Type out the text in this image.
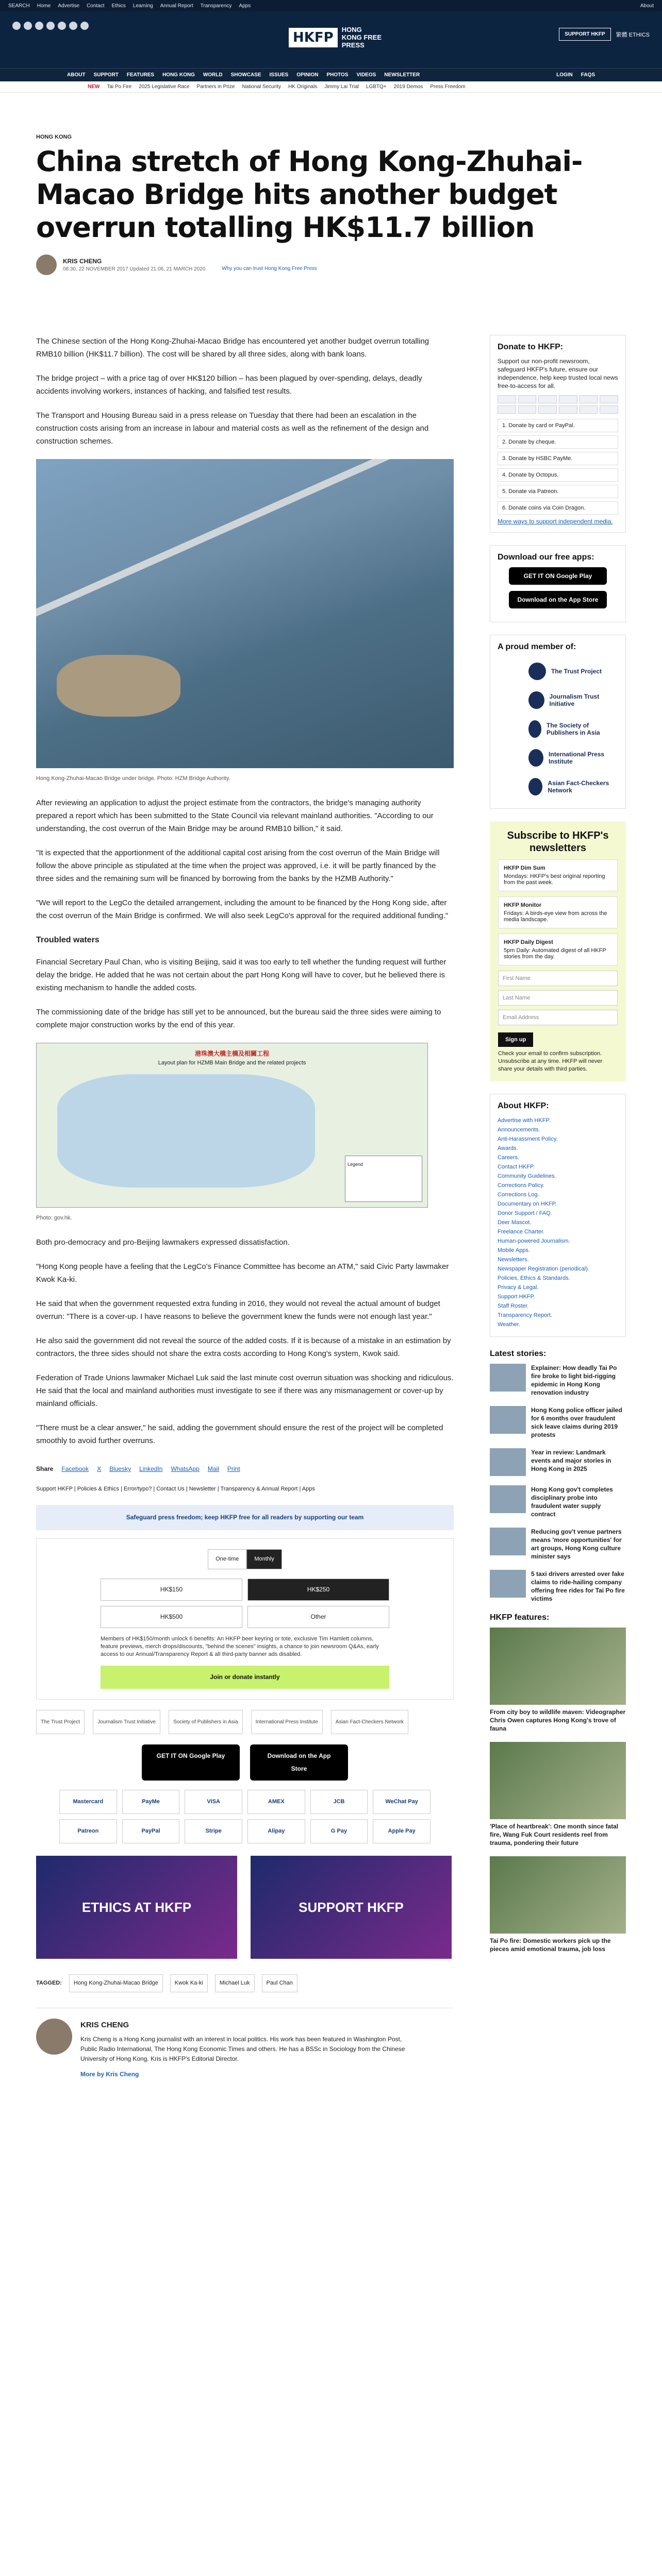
SEARCH Home Advertise Contact Ethics Learning Annual Report Transparency Apps	About
HKFP	HONG KONG FREE PRESS
SUPPORT HKFP	繁體 ETHICS
ABOUT SUPPORT FEATURES HONG KONG WORLD SHOWCASE ISSUES OPINION PHOTOS VIDEOS NEWSLETTER	LOGIN FAQS
NEW Tai Po Fire 2025 Legislative Race Partners in Prize National Security HK Originals Jimmy Lai Trial LGBTQ+ 2019 Demos Press Freedom
HONG KONG
China stretch of Hong Kong-Zhuhai-Macao Bridge hits another budget overrun totalling HK$11.7 billion
KRIS CHENG
08:30, 22 NOVEMBER 2017 Updated 21:06, 21 MARCH 2020	Why you can trust Hong Kong Free Press

The Chinese section of the Hong Kong-Zhuhai-Macao Bridge has encountered yet another budget overrun totalling RMB10 billion (HK$11.7 billion). The cost will be shared by all three sides, along with bank loans.

The bridge project – with a price tag of over HK$120 billion – has been plagued by over-spending, delays, deadly accidents involving workers, instances of hacking, and falsified test results.

The Transport and Housing Bureau said in a press release on Tuesday that there had been an escalation in the construction costs arising from an increase in labour and material costs as well as the refinement of the design and construction schemes.

Hong Kong-Zhuhai-Macao Bridge under bridge. Photo: HZM Bridge Authority.

After reviewing an application to adjust the project estimate from the contractors, the bridge's managing authority prepared a report which has been submitted to the State Council via relevant mainland authorities. "According to our understanding, the cost overrun of the Main Bridge may be around RMB10 billion," it said.

"It is expected that the apportionment of the additional capital cost arising from the cost overrun of the Main Bridge will follow the above principle as stipulated at the time when the project was approved, i.e. it will be partly financed by the three sides and the remaining sum will be financed by borrowing from the banks by the HZMB Authority."

"We will report to the LegCo the detailed arrangement, including the amount to be financed by the Hong Kong side, after the cost overrun of the Main Bridge is confirmed. We will also seek LegCo's approval for the required additional funding."

Troubled waters

Financial Secretary Paul Chan, who is visiting Beijing, said it was too early to tell whether the funding request will further delay the bridge. He added that he was not certain about the part Hong Kong will have to cover, but he believed there is existing mechanism to handle the added costs.

The commissioning date of the bridge has still yet to be announced, but the bureau said the three sides were aiming to complete major construction works by the end of this year.

港珠澳大橋主橋及相關工程
Layout plan for HZMB Main Bridge and the related projects
Legend
Photo: gov.hk.

Both pro-democracy and pro-Beijing lawmakers expressed dissatisfaction.

"Hong Kong people have a feeling that the LegCo's Finance Committee has become an ATM," said Civic Party lawmaker Kwok Ka-ki.

He said that when the government requested extra funding in 2016, they would not reveal the actual amount of budget overrun: "There is a cover-up. I have reasons to believe the government knew the funds were not enough last year."

He also said the government did not reveal the source of the added costs. If it is because of a mistake in an estimation by contractors, the three sides should not share the extra costs according to Hong Kong's system, Kwok said.

Federation of Trade Unions lawmaker Michael Luk said the last minute cost overrun situation was shocking and ridiculous. He said that the local and mainland authorities must investigate to see if there was any mismanagement or cover-up by mainland officials.

"There must be a clear answer," he said, adding the government should ensure the rest of the project will be completed smoothly to avoid further overruns.

Share Facebook X Bluesky LinkedIn WhatsApp Mail Print
Support HKFP | Policies & Ethics | Error/typo? | Contact Us | Newsletter | Transparency & Annual Report | Apps
Safeguard press freedom; keep HKFP free for all readers by supporting our team
One-time	Monthly
HK$150	HK$250
HK$500	Other
Members of HK$150/month unlock 6 benefits: An HKFP beer keyring or tote, exclusive Tim Hamlett columns, feature previews, merch drops/discounts, "behind the scenes" insights, a chance to join newsroom Q&As, early access to our Annual/Transparency Report & all third-party banner ads disabled.
Join or donate instantly
The Trust Project	Journalism Trust Initiative	Society of Publishers in Asia	International Press Institute	Asian Fact-Checkers Network
GET IT ON Google Play	Download on the App Store
Mastercard	PayMe	VISA	AMEX	JCB	WeChat Pay
Patreon	PayPal	Stripe	Alipay	G Pay	Apple Pay
ETHICS AT HKFP	SUPPORT HKFP
TAGGED:	Hong Kong-Zhuhai-Macao Bridge	Kwok Ka-ki	Michael Luk	Paul Chan
KRIS CHENG
Kris Cheng is a Hong Kong journalist with an interest in local politics. His work has been featured in Washington Post, Public Radio International, The Hong Kong Economic Times and others. He has a BSSc in Sociology from the Chinese University of Hong Kong. Kris is HKFP's Editorial Director.
More by Kris Cheng
Donate to HKFP:

Support our non-profit newsroom, safeguard HKFP's future, ensure our independence, help keep trusted local news free-to-access for all.

1. Donate by card or PayPal.
2. Donate by cheque.
3. Donate by HSBC PayMe.
4. Donate by Octopus.
5. Donate via Patreon.
6. Donate coins via Coin Dragon.
More ways to support independent media.
Download our free apps:
GET IT ON Google Play
Download on the App Store
A proud member of:
The Trust Project
Journalism Trust Initiative
The Society of Publishers in Asia
International Press Institute
Asian Fact-Checkers Network
Subscribe to HKFP's newsletters
HKFP Dim Sum
Mondays: HKFP's best original reporting from the past week.
HKFP Monitor
Fridays: A birds-eye view from across the media landscape.
HKFP Daily Digest
5pm Daily: Automated digest of all HKFP stories from the day.
First Name
Last Name
Email Address
Sign up
Check your email to confirm subscription. Unsubscribe at any time. HKFP will never share your details with third parties.
About HKFP:
Advertise with HKFP.
Announcements.
Anti-Harassment Policy.
Awards.
Careers.
Contact HKFP.
Community Guidelines.
Corrections Policy.
Corrections Log.
Documentary on HKFP.
Donor Support / FAQ.
Deer Mascot.
Freelance Charter.
Human-powered Journalism.
Mobile Apps.
Newsletters.
Newspaper Registration (periodical).
Policies, Ethics & Standards.
Privacy & Legal.
Support HKFP.
Staff Roster.
Transparency Report.
Weather.
Latest stories:

Explainer: How deadly Tai Po fire broke to light bid-rigging epidemic in Hong Kong renovation industry

Hong Kong police officer jailed for 6 months over fraudulent sick leave claims during 2019 protests

Year in review: Landmark events and major stories in Hong Kong in 2025

Hong Kong gov't completes disciplinary probe into fraudulent water supply contract

Reducing gov't venue partners means 'more opportunities' for art groups, Hong Kong culture minister says

5 taxi drivers arrested over fake claims to ride-hailing company offering free rides for Tai Po fire victims

HKFP features:

From city boy to wildlife maven: Videographer Chris Owen captures Hong Kong's trove of fauna

'Place of heartbreak': One month since fatal fire, Wang Fuk Court residents reel from trauma, pondering their future

Tai Po fire: Domestic workers pick up the pieces amid emotional trauma, job loss
